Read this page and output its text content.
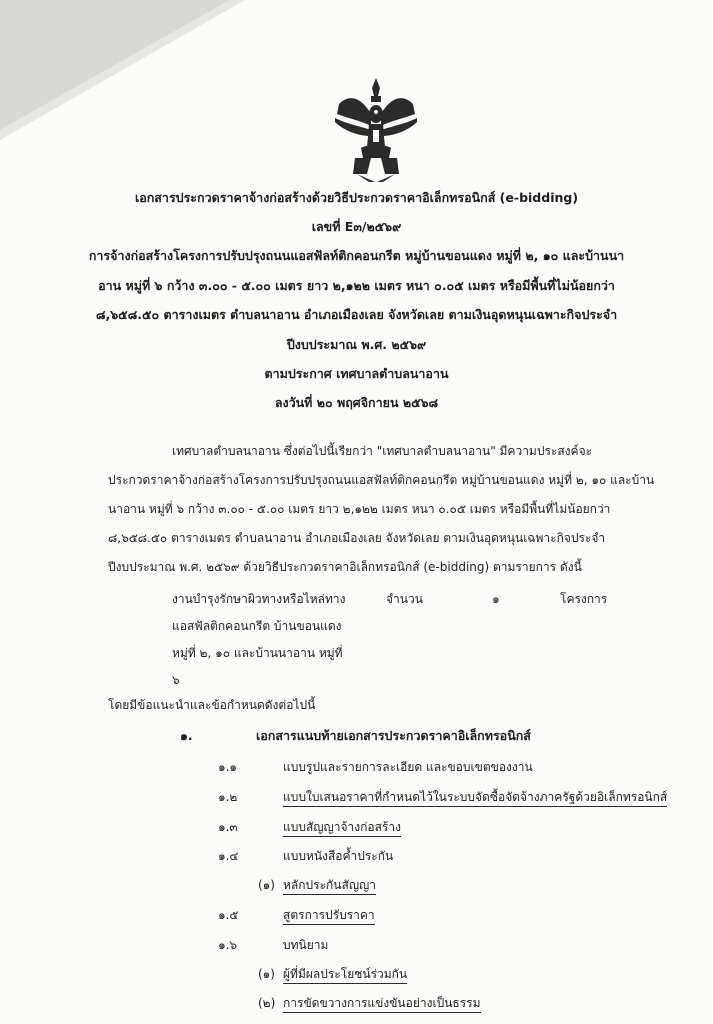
เอกสารประกวดราคาจ้างก่อสร้างด้วยวิธีประกวดราคาอิเล็กทรอนิกส์ (e-bidding)
เลขที่ E๓/๒๕๖๙
การจ้างก่อสร้างโครงการปรับปรุงถนนแอสฟัลท์ติกคอนกรีต หมู่บ้านขอนแดง หมู่ที่ ๒, ๑๐ และบ้านนา
อาน หมู่ที่ ๖ กว้าง ๓.๐๐ - ๕.๐๐ เมตร ยาว ๒,๑๒๒ เมตร หนา ๐.๐๕ เมตร หรือมีพื้นที่ไม่น้อยกว่า
๘,๖๕๘.๕๐ ตารางเมตร ตำบลนาอาน อำเภอเมืองเลย จังหวัดเลย ตามเงินอุดหนุนเฉพาะกิจประจำ
ปีงบประมาณ พ.ศ. ๒๕๖๙
ตามประกาศ เทศบาลตำบลนาอาน
ลงวันที่ ๒๐ พฤศจิกายน ๒๕๖๘
เทศบาลตำบลนาอาน ซึ่งต่อไปนี้เรียกว่า "เทศบาลตำบลนาอาน" มีความประสงค์จะ
ประกวดราคาจ้างก่อสร้างโครงการปรับปรุงถนนแอสฟัลท์ติกคอนกรีต หมู่บ้านขอนแดง หมู่ที่ ๒, ๑๐ และบ้าน
นาอาน หมู่ที่ ๖ กว้าง ๓.๐๐ - ๕.๐๐ เมตร ยาว ๒,๑๒๒ เมตร หนา ๐.๐๕ เมตร หรือมีพื้นที่ไม่น้อยกว่า
๘,๖๕๘.๕๐ ตารางเมตร ตำบลนาอาน อำเภอเมืองเลย จังหวัดเลย ตามเงินอุดหนุนเฉพาะกิจประจำ
ปีงบประมาณ พ.ศ. ๒๕๖๙ ด้วยวิธีประกวดราคาอิเล็กทรอนิกส์ (e-bidding) ตามรายการ ดังนี้
งานบำรุงรักษาผิวทางหรือไหล่ทาง
แอสฟัลติกคอนกรีต บ้านขอนแดง
หมู่ที่ ๒, ๑๐ และบ้านนาอาน หมู่ที่
๖
จำนวน	๑	โครงการ
โดยมีข้อแนะนำและข้อกำหนดดังต่อไปนี้
๑.	เอกสารแนบท้ายเอกสารประกวดราคาอิเล็กทรอนิกส์
๑.๑	แบบรูปและรายการละเอียด และขอบเขตของงาน
๑.๒	แบบใบเสนอราคาที่กำหนดไว้ในระบบจัดซื้อจัดจ้างภาครัฐด้วยอิเล็กทรอนิกส์
๑.๓	แบบสัญญาจ้างก่อสร้าง
๑.๔	แบบหนังสือค้ำประกัน
(๑) หลักประกันสัญญา
๑.๕	สูตรการปรับราคา
๑.๖	บทนิยาม
(๑) ผู้ที่มีผลประโยชน์ร่วมกัน
(๒) การขัดขวางการแข่งขันอย่างเป็นธรรม
